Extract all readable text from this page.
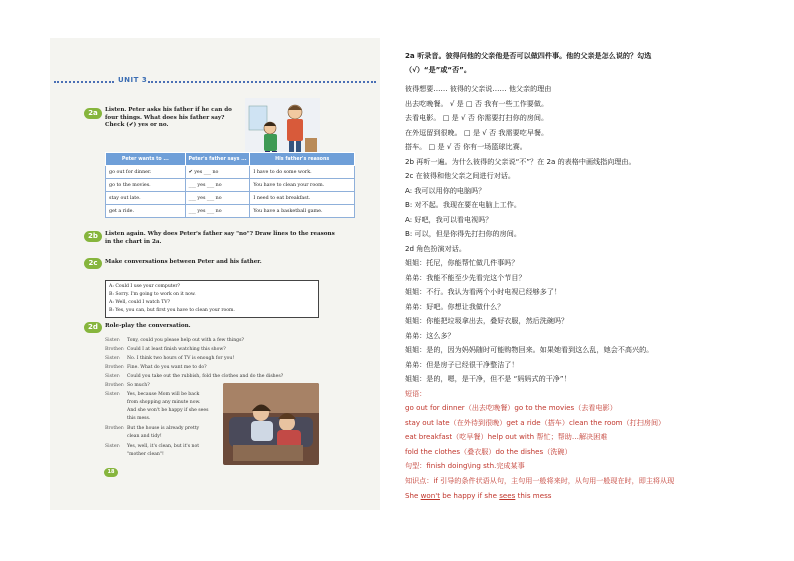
UNIT 3
2a	Listen. Peter asks his father if he can do
four things. What does his father say?
Check (✔) yes or no.
Peter wants to ...	Peter's father says ...	His father's reasons
go out for dinner.	✔ yes ___ no	I have to do some work.
go to the movies.	___ yes ___ no	You have to clean your room.
stay out late.	___ yes ___ no	I need to eat breakfast.
get a ride.	___ yes ___ no	You have a basketball game.
2b	Listen again. Why does Peter's father say "no"? Draw lines to the reasons
in the chart in 2a.
2c	Make conversations between Peter and his father.
A: Could I use your computer?
B: Sorry. I'm going to work on it now.
A: Well, could I watch TV?
B: Yes, you can, but first you have to clean your room.
2d	Role-play the conversation.
Sister: Tony, could you please help out with a few things?
Brother: Could I at least finish watching this show?
Sister: No. I think two hours of TV is enough for you!
Brother: Fine. What do you want me to do?
Sister: Could you take out the rubbish, fold the clothes and do the dishes?
Brother: So much?
Sister: Yes, because Mom will be back
from shopping any minute now.
And she won't be happy if she sees
this mess.
Brother: But the house is already pretty
clean and tidy!
Sister: Yes, well, it's clean, but it's not
"mother clean"!
18
2a 听录音。彼得问他的父亲他是否可以做四件事。他的父亲是怎么说的？勾选
（√）“是”或“否”。
彼得想要…… 彼得的父亲说…… 他父亲的理由
出去吃晚餐。 √ 是 □ 否 我有一些工作要做。
去看电影。 □ 是 √ 否 你需要打扫你的房间。
在外逗留到很晚。 □ 是 √ 否 我需要吃早餐。
搭车。 □ 是 √ 否 你有一场篮球比赛。
2b 再听一遍。为什么彼得的父亲说“不”？在 2a 的表格中画线指向理由。
2c 在彼得和他父亲之间进行对话。
A: 我可以用你的电脑吗？
B: 对不起。我现在要在电脑上工作。
A: 好吧，我可以看电视吗？
B: 可以，但是你得先打扫你的房间。
2d 角色扮演对话。
姐姐：托尼，你能帮忙做几件事吗？
弟弟：我能不能至少先看完这个节目？
姐姐：不行。我认为看两个小时电视已经够多了！
弟弟：好吧。你想让我做什么？
姐姐：你能把垃圾拿出去，叠好衣服，然后洗碗吗？
弟弟：这么多？
姐姐：是的，因为妈妈随时可能购物回来。如果她看到这么乱，她会不高兴的。
弟弟：但是房子已经很干净整洁了！
姐姐：是的，嗯，是干净，但不是 “妈妈式的干净”！
短语：
go out for dinner（出去吃晚餐）go to the movies（去看电影）
stay out late（在外待到很晚）get a ride（搭车）clean the room（打扫房间）
eat breakfast（吃早餐）help out with 帮忙；帮助…解决困难
fold the clothes（叠衣服）do the dishes（洗碗）
句型：finish doing\ing sth.完成某事
知识点：if 引导的条件状语从句，主句用一般将来时，从句用一般现在时，即主将从现
She won't be happy if she sees this mess
